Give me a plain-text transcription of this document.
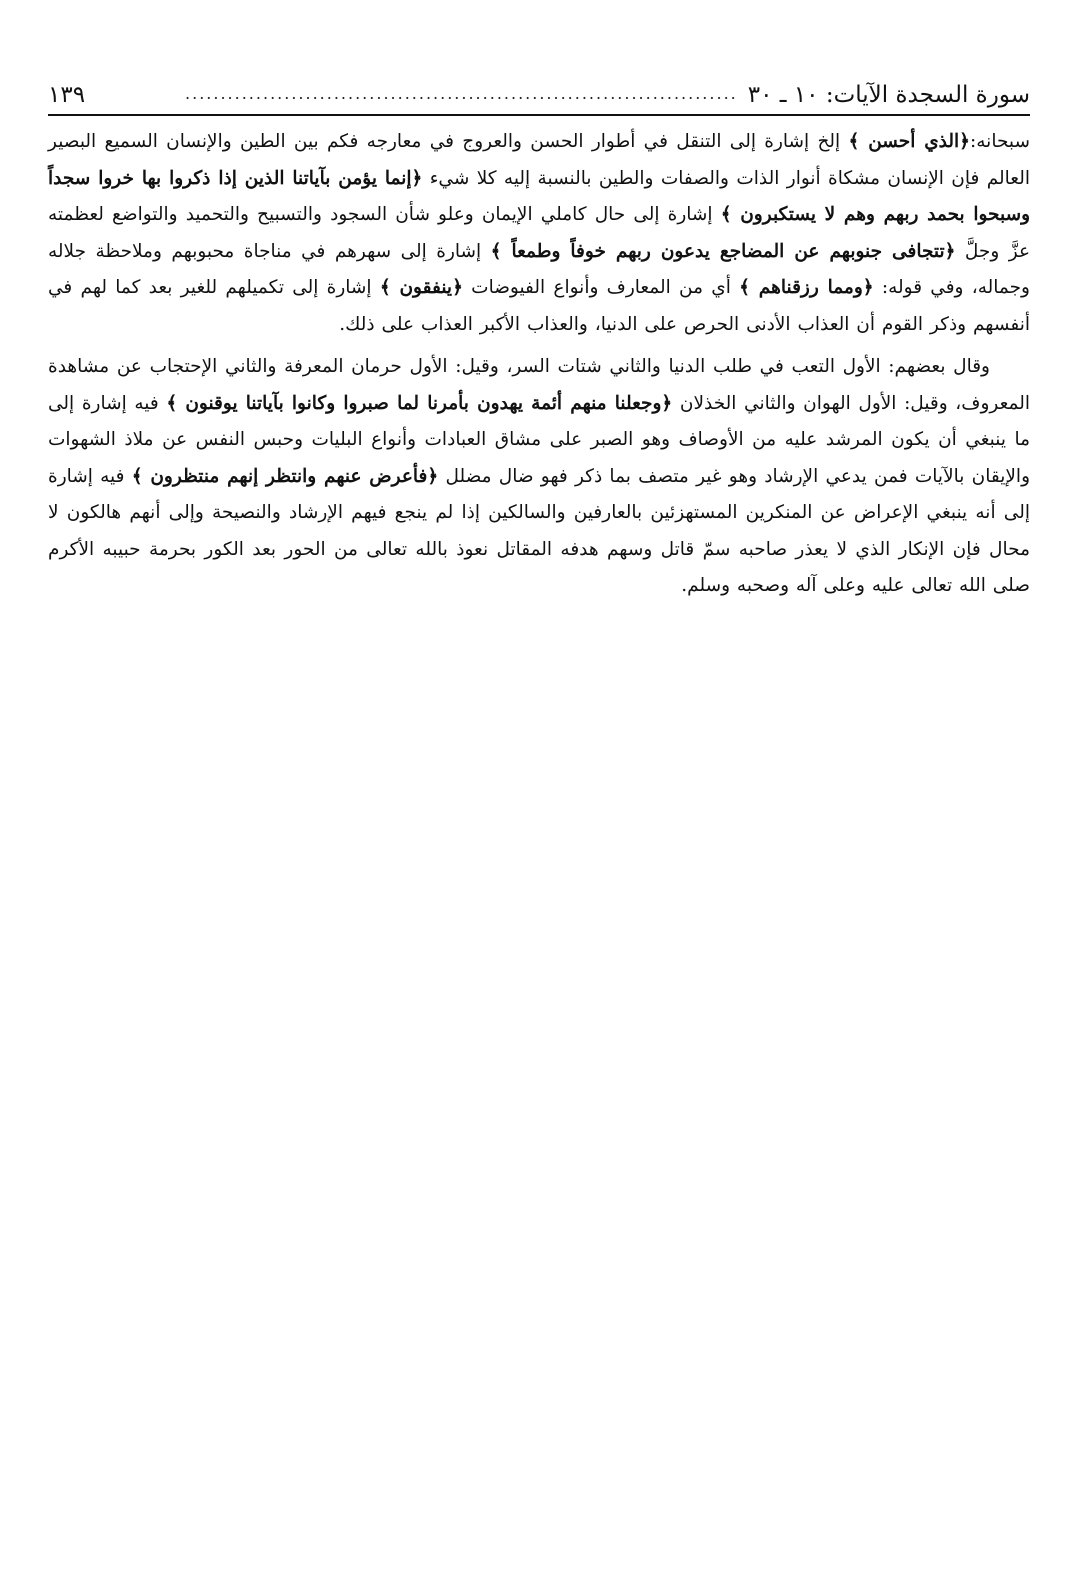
سورة السجدة الآيات: ١٠ ـ ٣٠
..............................................................................
١٣٩

سبحانه:﴿الذي أحسن ﴾ إلخ إشارة إلى التنقل في أطوار الحسن والعروج في معارجه فكم بين الطين والإنسان السميع البصير العالم فإن الإنسان مشكاة أنوار الذات والصفات والطين بالنسبة إليه كلا شيء ﴿إنما يؤمن بآياتنا الذين إذا ذكروا بها خروا سجداً وسبحوا بحمد ربهم وهم لا يستكبرون ﴾ إشارة إلى حال كاملي الإيمان وعلو شأن السجود والتسبيح والتحميد والتواضع لعظمته عزَّ وجلَّ ﴿تتجافى جنوبهم عن المضاجع يدعون ربهم خوفاً وطمعاً ﴾ إشارة إلى سهرهم في مناجاة محبوبهم وملاحظة جلاله وجماله، وفي قوله: ﴿ومما رزقناهم ﴾ أي من المعارف وأنواع الفيوضات ﴿ينفقون ﴾ إشارة إلى تكميلهم للغير بعد كما لهم في أنفسهم وذكر القوم أن العذاب الأدنى الحرص على الدنيا، والعذاب الأكبر العذاب على ذلك.

وقال بعضهم: الأول التعب في طلب الدنيا والثاني شتات السر، وقيل: الأول حرمان المعرفة والثاني الإحتجاب عن مشاهدة المعروف، وقيل: الأول الهوان والثاني الخذلان ﴿وجعلنا منهم أئمة يهدون بأمرنا لما صبروا وكانوا بآياتنا يوقنون ﴾ فيه إشارة إلى ما ينبغي أن يكون المرشد عليه من الأوصاف وهو الصبر على مشاق العبادات وأنواع البليات وحبس النفس عن ملاذ الشهوات والإيقان بالآيات فمن يدعي الإرشاد وهو غير متصف بما ذكر فهو ضال مضلل ﴿فأعرض عنهم وانتظر إنهم منتظرون ﴾ فيه إشارة إلى أنه ينبغي الإعراض عن المنكرين المستهزئين بالعارفين والسالكين إذا لم ينجع فيهم الإرشاد والنصيحة وإلى أنهم هالكون لا محال فإن الإنكار الذي لا يعذر صاحبه سمّ قاتل وسهم هدفه المقاتل نعوذ بالله تعالى من الحور بعد الكور بحرمة حبيبه الأكرم صلى الله تعالى عليه وعلى آله وصحبه وسلم.
